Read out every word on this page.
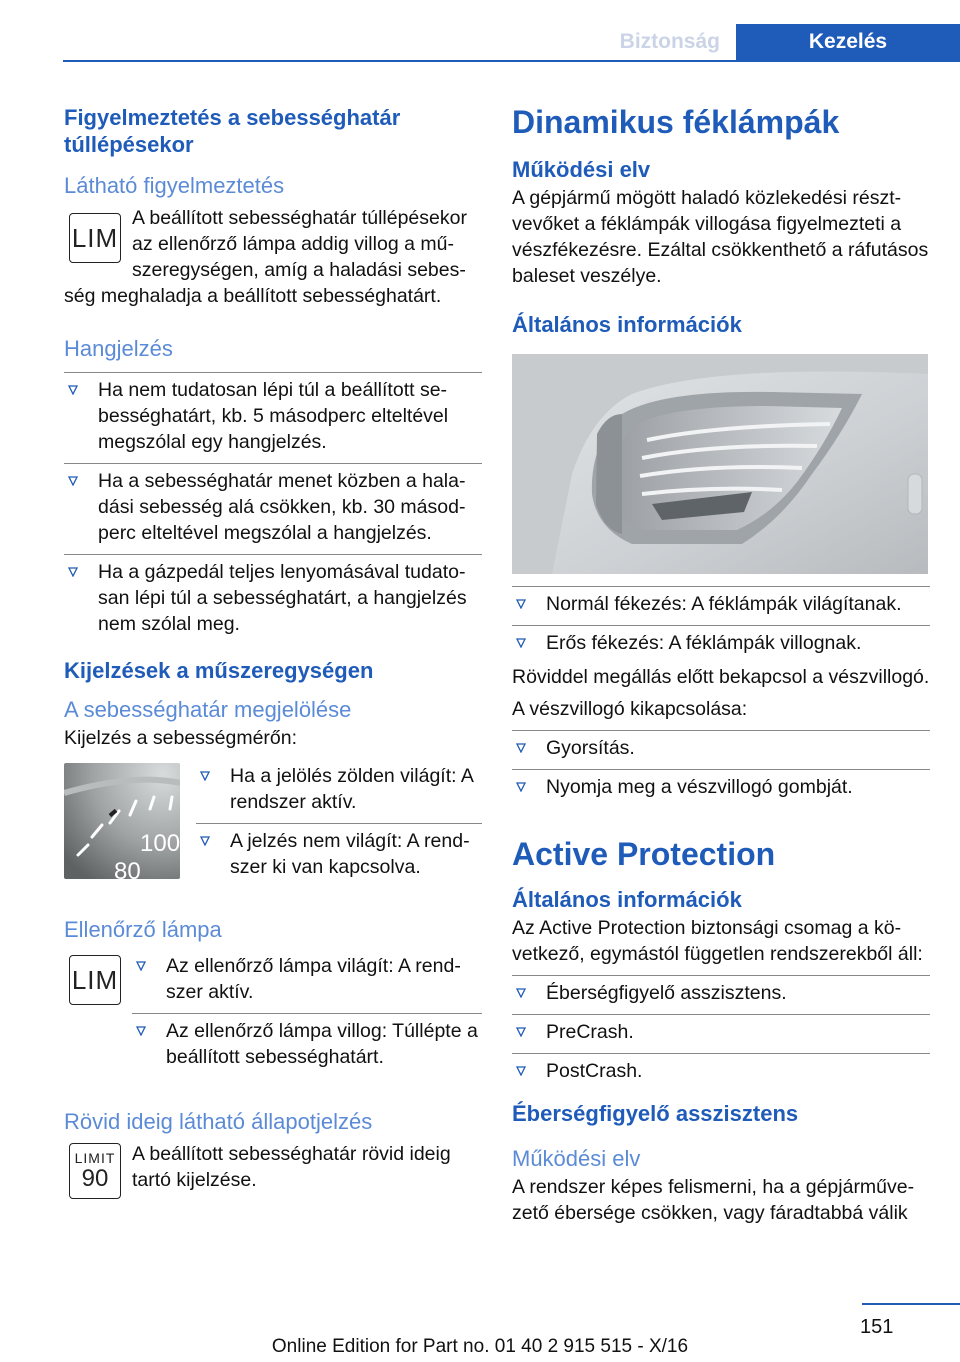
Biztonság	Kezelés
Figyelmeztetés a sebességhatár túllépésekor
Látható figyelmeztetés
LIM

A beállított sebességhatár túllépésekor az ellenőrző lámpa addig villog a műszeregységen, amíg a haladási sebesség meghaladja a beállított sebességhatárt.

Hangjelzés
Ha nem tudatosan lépi túl a beállított sebességhatárt, kb. 5 másodperc elteltével megszólal egy hangjelzés.
Ha a sebességhatár menet közben a haladási sebesség alá csökken, kb. 30 másodperc elteltével megszólal a hangjelzés.
Ha a gázpedál teljes lenyomásával tudatosan lépi túl a sebességhatárt, a hangjelzés nem szólal meg.
Kijelzések a műszeregységen
A sebességhatár megjelölése

Kijelzés a sebességmérőn:

100
80
Ha a jelölés zölden világít: A rendszer aktív.
A jelzés nem világít: A rendszer ki van kapcsolva.
Ellenőrző lámpa
LIM	Az ellenőrző lámpa világít: A rendszer aktív.
Az ellenőrző lámpa villog: Túllépte a beállított sebességhatárt.
Rövid ideig látható állapotjelzés
LIMIT
90

A beállított sebességhatár rövid ideig tartó kijelzése.

Dinamikus féklámpák
Működési elv

A gépjármű mögött haladó közlekedési résztvevőket a féklámpák villogása figyelmezteti a vészfékezésre. Ezáltal csökkenthető a ráfutásos baleset veszélye.

Általános információk
Normál fékezés: A féklámpák világítanak.
Erős fékezés: A féklámpák villognak.

Röviddel megállás előtt bekapcsol a vészvillogó.

A vészvillogó kikapcsolása:

Gyorsítás.
Nyomja meg a vészvillogó gombját.
Active Protection
Általános információk

Az Active Protection biztonsági csomag a következő, egymástól független rendszerekből áll:

Éberségfigyelő asszisztens.
PreCrash.
PostCrash.
Éberségfigyelő asszisztens
Működési elv

A rendszer képes felismerni, ha a gépjárművezető ébersége csökken, vagy fáradtabbá válik

151
Online Edition for Part no. 01 40 2 915 515 - X/16
